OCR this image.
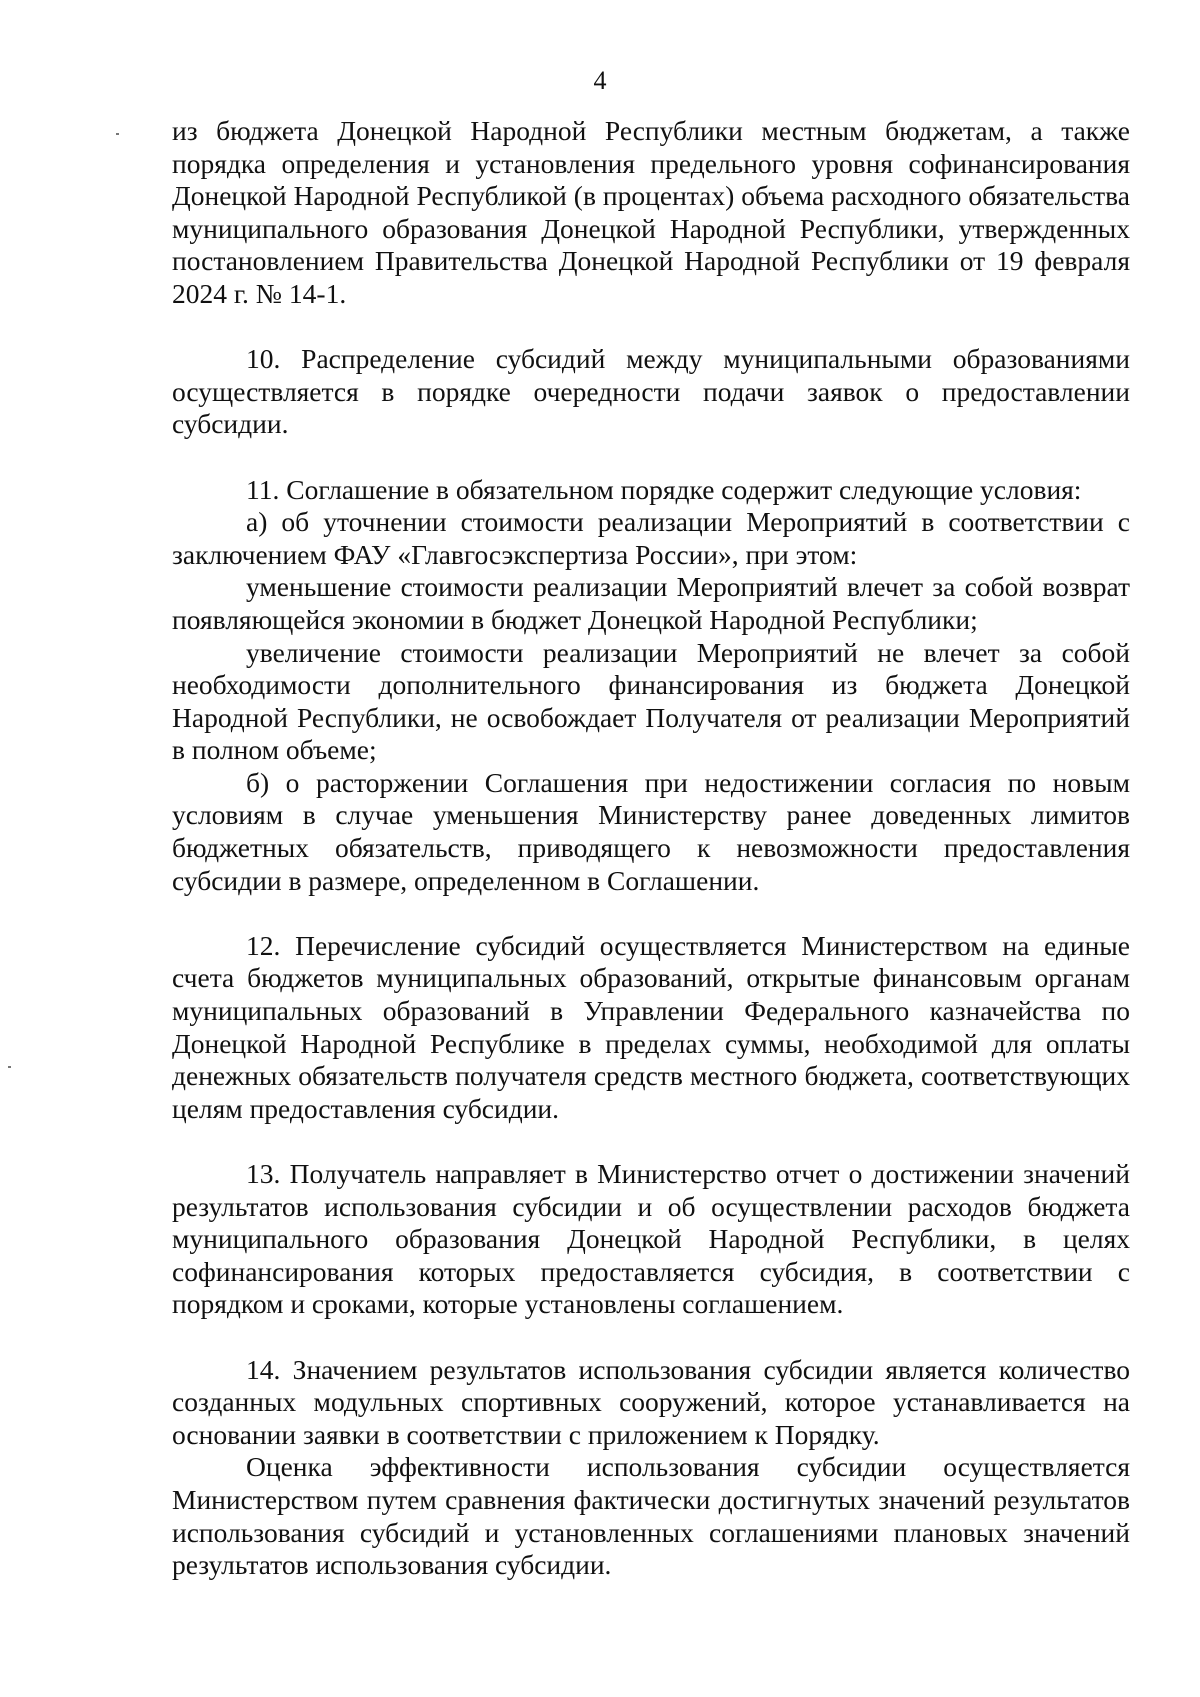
4

из бюджета Донецкой Народной Республики местным бюджетам, а также порядка определения и установления предельного уровня софинансирования Донецкой Народной Республикой (в процентах) объема расходного обязательства муниципального образования Донецкой Народной Республики, утвержденных постановлением Правительства Донецкой Народной Республики от 19 февраля 2024 г. № 14-1.

10. Распределение субсидий между муниципальными образованиями осуществляется в порядке очередности подачи заявок о предоставлении субсидии.

11. Соглашение в обязательном порядке содержит следующие условия:

а) об уточнении стоимости реализации Мероприятий в соответствии с заключением ФАУ «Главгосэкспертиза России», при этом:

уменьшение стоимости реализации Мероприятий влечет за собой возврат появляющейся экономии в бюджет Донецкой Народной Республики;

увеличение стоимости реализации Мероприятий не влечет за собой необходимости дополнительного финансирования из бюджета Донецкой Народной Республики, не освобождает Получателя от реализации Мероприятий в полном объеме;

б) о расторжении Соглашения при недостижении согласия по новым условиям в случае уменьшения Министерству ранее доведенных лимитов бюджетных обязательств, приводящего к невозможности предоставления субсидии в размере, определенном в Соглашении.

12. Перечисление субсидий осуществляется Министерством на единые счета бюджетов муниципальных образований, открытые финансовым органам муниципальных образований в Управлении Федерального казначейства по Донецкой Народной Республике в пределах суммы, необходимой для оплаты денежных обязательств получателя средств местного бюджета, соответствующих целям предоставления субсидии.

13. Получатель направляет в Министерство отчет о достижении значений результатов использования субсидии и об осуществлении расходов бюджета муниципального образования Донецкой Народной Республики, в целях софинансирования которых предоставляется субсидия, в соответствии с порядком и сроками, которые установлены соглашением.

14. Значением результатов использования субсидии является количество созданных модульных спортивных сооружений, которое устанавливается на основании заявки в соответствии с приложением к Порядку.

Оценка эффективности использования субсидии осуществляется Министерством путем сравнения фактически достигнутых значений результатов использования субсидий и установленных соглашениями плановых значений результатов использования субсидии.
